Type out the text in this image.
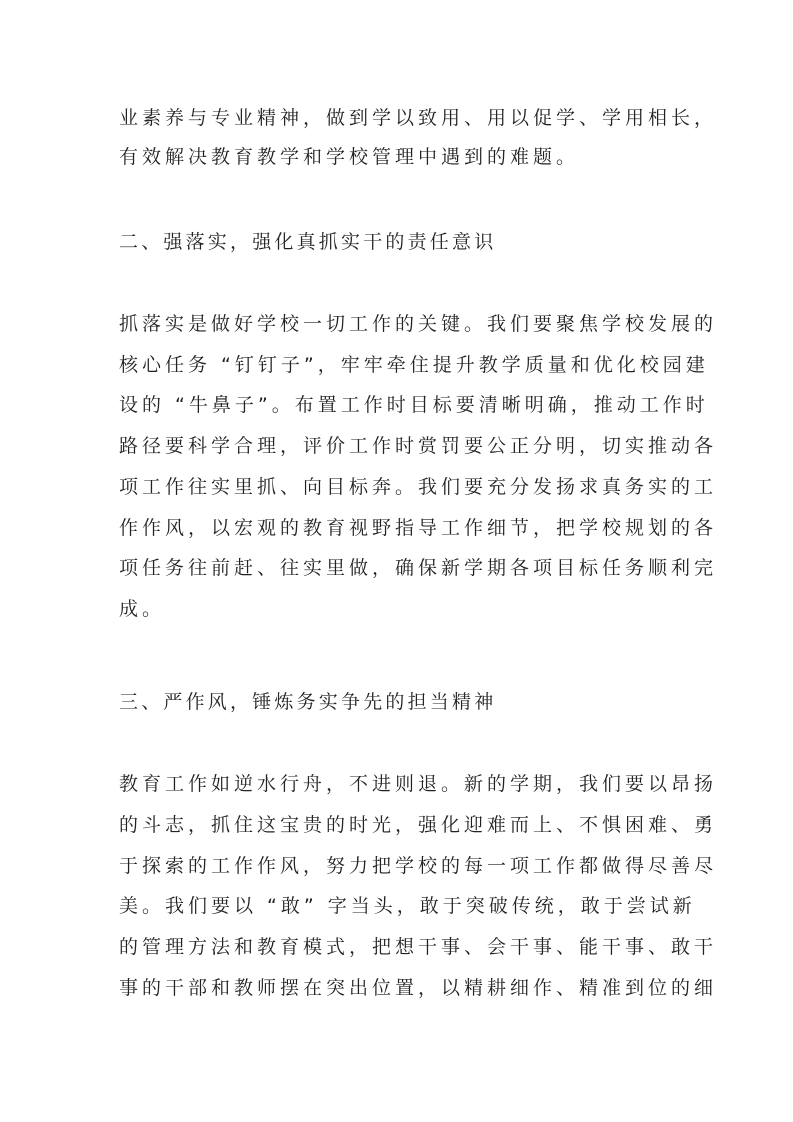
业素养与专业精神，做到学以致用、用以促学、学用相长，
有效解决教育教学和学校管理中遇到的难题。
二、强落实，强化真抓实干的责任意识
抓落实是做好学校一切工作的关键。我们要聚焦学校发展的
核心任务 “钉钉子”，牢牢牵住提升教学质量和优化校园建
设的 “牛鼻子”。布置工作时目标要清晰明确，推动工作时
路径要科学合理，评价工作时赏罚要公正分明，切实推动各
项工作往实里抓、向目标奔。我们要充分发扬求真务实的工
作作风，以宏观的教育视野指导工作细节，把学校规划的各
项任务往前赶、往实里做，确保新学期各项目标任务顺利完
成。
三、严作风，锤炼务实争先的担当精神
教育工作如逆水行舟，不进则退。新的学期，我们要以昂扬
的斗志，抓住这宝贵的时光，强化迎难而上、不惧困难、勇
于探索的工作作风，努力把学校的每一项工作都做得尽善尽
美。我们要以 “敢” 字当头，敢于突破传统，敢于尝试新
的管理方法和教育模式，把想干事、会干事、能干事、敢干
事的干部和教师摆在突出位置，以精耕细作、精准到位的细
